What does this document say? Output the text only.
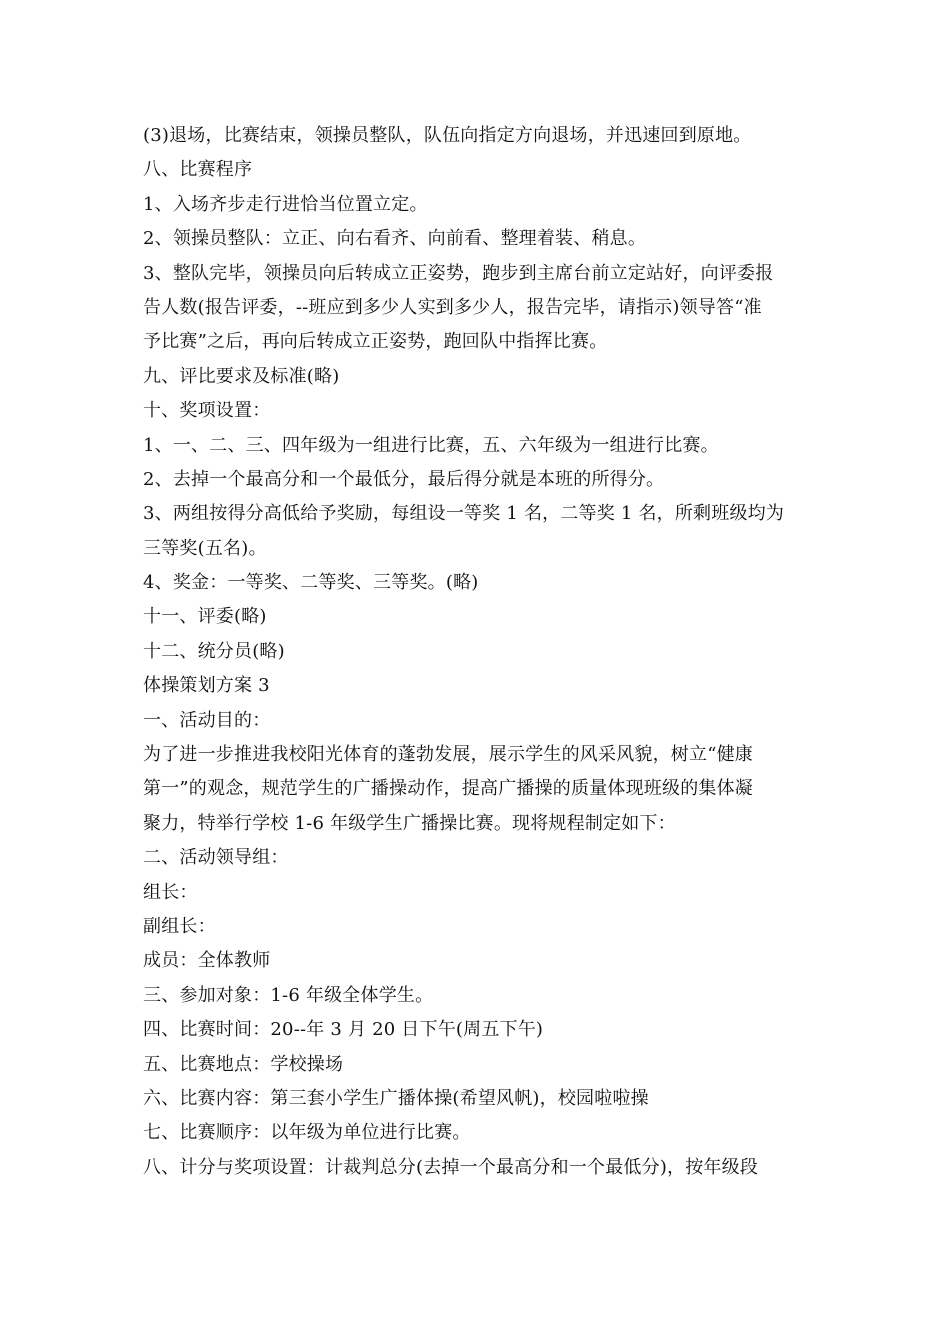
(3)退场，比赛结束，领操员整队，队伍向指定方向退场，并迅速回到原地。
八、比赛程序
1、入场齐步走行进恰当位置立定。
2、领操员整队：立正、向右看齐、向前看、整理着装、稍息。
3、整队完毕，领操员向后转成立正姿势，跑步到主席台前立定站好，向评委报
告人数(报告评委，--班应到多少人实到多少人，报告完毕，请指示)领导答“准
予比赛”之后，再向后转成立正姿势，跑回队中指挥比赛。
九、评比要求及标准(略)
十、奖项设置：
1、一、二、三、四年级为一组进行比赛，五、六年级为一组进行比赛。
2、去掉一个最高分和一个最低分，最后得分就是本班的所得分。
3、两组按得分高低给予奖励，每组设一等奖 1 名，二等奖 1 名，所剩班级均为
三等奖(五名)。
4、奖金：一等奖、二等奖、三等奖。(略)
十一、评委(略)
十二、统分员(略)
体操策划方案 3
一、活动目的：
为了进一步推进我校阳光体育的蓬勃发展，展示学生的风采风貌，树立“健康
第一”的观念，规范学生的广播操动作，提高广播操的质量体现班级的集体凝
聚力，特举行学校 1-6 年级学生广播操比赛。现将规程制定如下：
二、活动领导组：
组长：
副组长：
成员：全体教师
三、参加对象：1-6 年级全体学生。
四、比赛时间：20--年 3 月 20 日下午(周五下午)
五、比赛地点：学校操场
六、比赛内容：第三套小学生广播体操(希望风帆)，校园啦啦操
七、比赛顺序：以年级为单位进行比赛。
八、计分与奖项设置：计裁判总分(去掉一个最高分和一个最低分)，按年级段
